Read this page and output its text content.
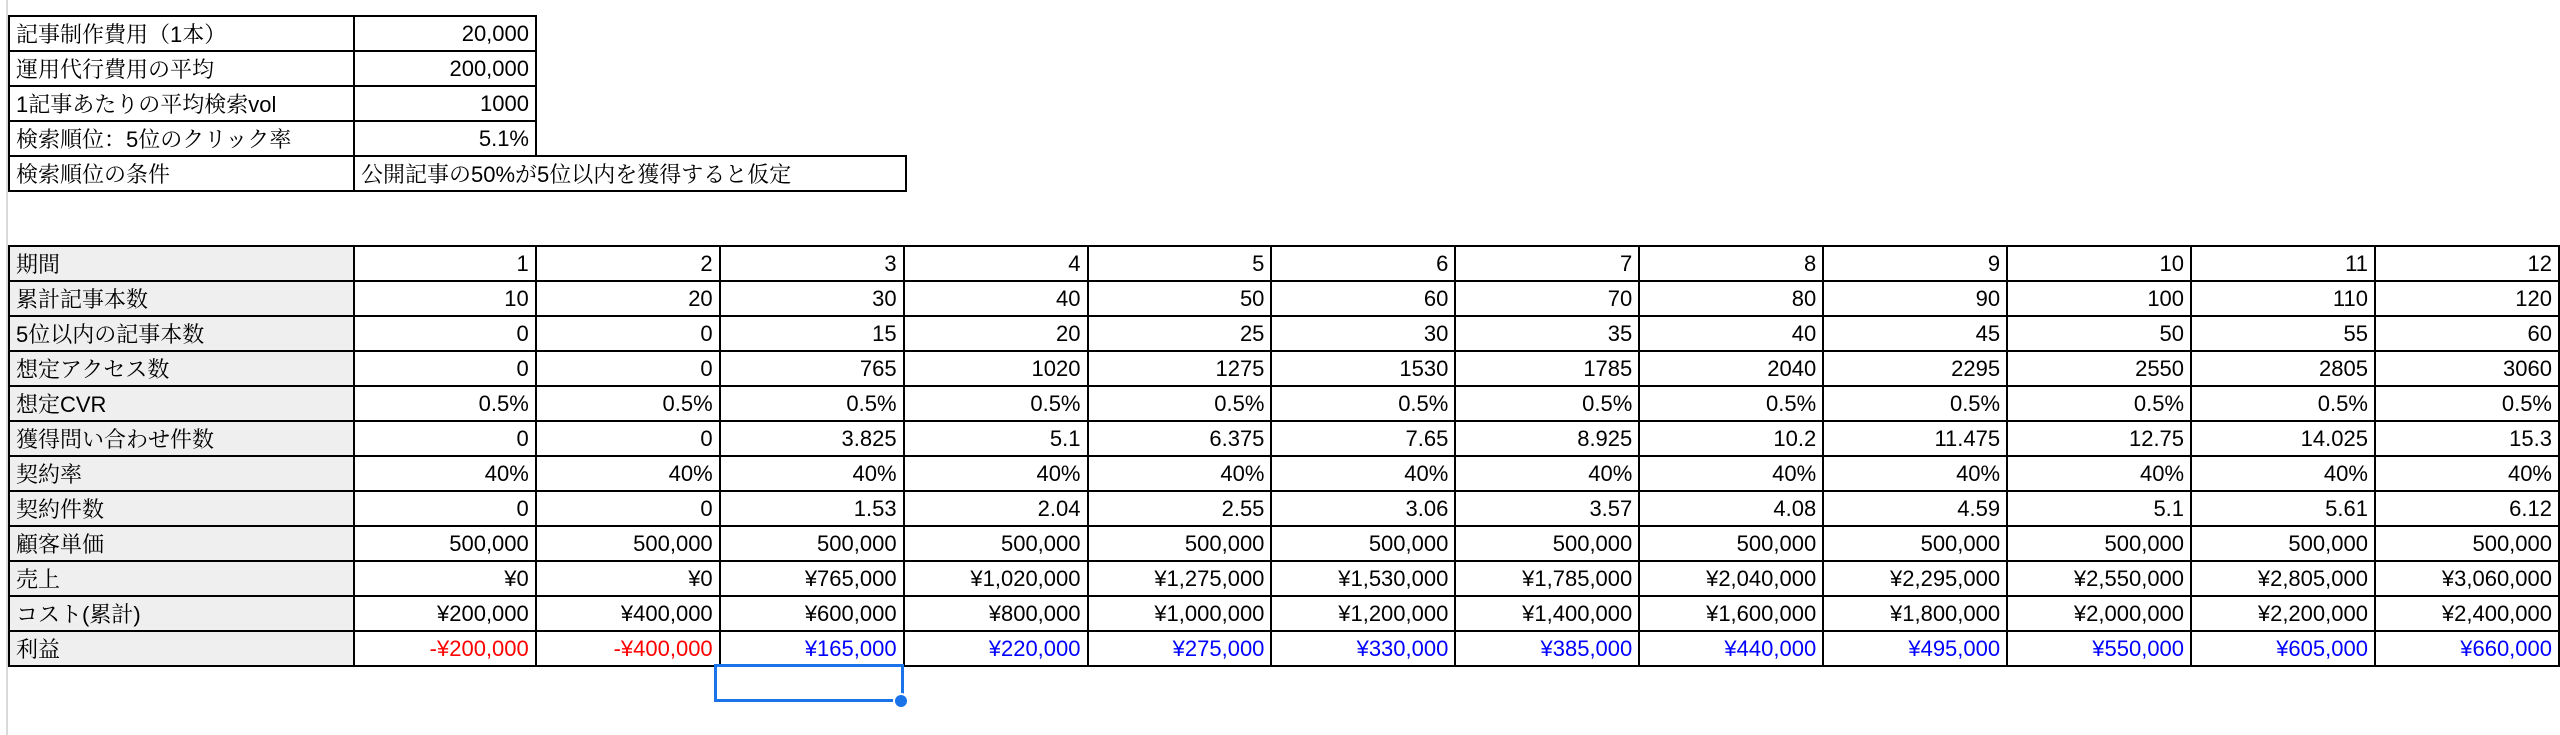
記事制作費用（1本）	20,000
運用代行費用の平均	200,000
1記事あたりの平均検索vol	1000
検索順位：5位のクリック率	5.1%
検索順位の条件	公開記事の50%が5位以内を獲得すると仮定
期間	1	2	3	4	5	6	7	8	9	10	11	12
累計記事本数	10	20	30	40	50	60	70	80	90	100	110	120
5位以内の記事本数	0	0	15	20	25	30	35	40	45	50	55	60
想定アクセス数	0	0	765	1020	1275	1530	1785	2040	2295	2550	2805	3060
想定CVR	0.5%	0.5%	0.5%	0.5%	0.5%	0.5%	0.5%	0.5%	0.5%	0.5%	0.5%	0.5%
獲得問い合わせ件数	0	0	3.825	5.1	6.375	7.65	8.925	10.2	11.475	12.75	14.025	15.3
契約率	40%	40%	40%	40%	40%	40%	40%	40%	40%	40%	40%	40%
契約件数	0	0	1.53	2.04	2.55	3.06	3.57	4.08	4.59	5.1	5.61	6.12
顧客単価	500,000	500,000	500,000	500,000	500,000	500,000	500,000	500,000	500,000	500,000	500,000	500,000
売上	¥0	¥0	¥765,000	¥1,020,000	¥1,275,000	¥1,530,000	¥1,785,000	¥2,040,000	¥2,295,000	¥2,550,000	¥2,805,000	¥3,060,000
コスト(累計)	¥200,000	¥400,000	¥600,000	¥800,000	¥1,000,000	¥1,200,000	¥1,400,000	¥1,600,000	¥1,800,000	¥2,000,000	¥2,200,000	¥2,400,000
利益	-¥200,000	-¥400,000	¥165,000	¥220,000	¥275,000	¥330,000	¥385,000	¥440,000	¥495,000	¥550,000	¥605,000	¥660,000
